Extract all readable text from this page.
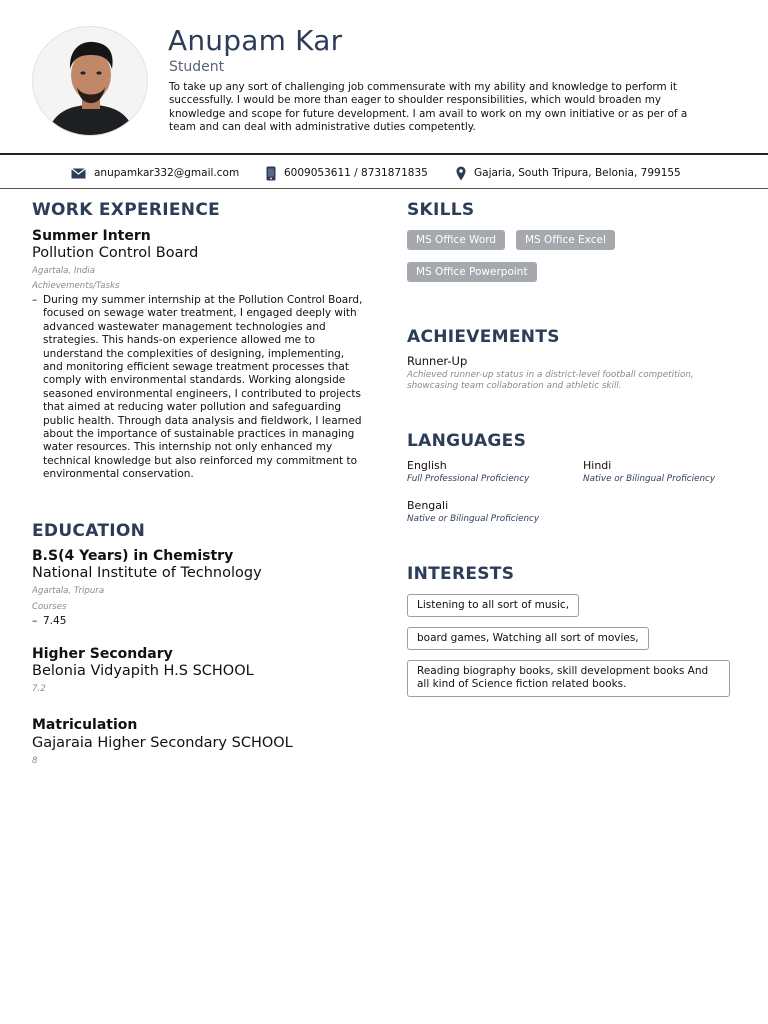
Anupam Kar
Student
To take up any sort of challenging job commensurate with my ability and knowledge to perform it successfully. I would be more than eager to shoulder responsibilities, which would broaden my knowledge and scope for future development. I am avail to work on my own initiative or as per of a team and can deal with administrative duties competently.
anupamkar332@gmail.com	6009053611 / 8731871835	Gajaria, South Tripura, Belonia, 799155
WORK EXPERIENCE
Summer Intern
Pollution Control Board
Agartala, India
Achievements/Tasks
– During my summer internship at the Pollution Control Board, focused on sewage water treatment, I engaged deeply with advanced wastewater management technologies and strategies. This hands-on experience allowed me to understand the complexities of designing, implementing, and monitoring efficient sewage treatment processes that comply with environmental standards. Working alongside seasoned environmental engineers, I contributed to projects that aimed at reducing water pollution and safeguarding public health. Through data analysis and fieldwork, I learned about the importance of sustainable practices in managing water resources. This internship not only enhanced my technical knowledge but also reinforced my commitment to environmental conservation.
EDUCATION
B.S(4 Years) in Chemistry
National Institute of Technology
Agartala, Tripura
Courses
– 7.45
Higher Secondary
Belonia Vidyapith H.S SCHOOL
7.2
Matriculation
Gajaraia Higher Secondary SCHOOL
8
SKILLS
MS Office Word	MS Office Excel
MS Office Powerpoint
ACHIEVEMENTS
Runner-Up
Achieved runner-up status in a district-level football competition, showcasing team collaboration and athletic skill.
LANGUAGES
English
Full Professional Proficiency
Hindi
Native or Bilingual Proficiency
Bengali
Native or Bilingual Proficiency
INTERESTS
Listening to all sort of music,
board games, Watching all sort of movies,
Reading biography books, skill development books And all kind of Science fiction related books.
